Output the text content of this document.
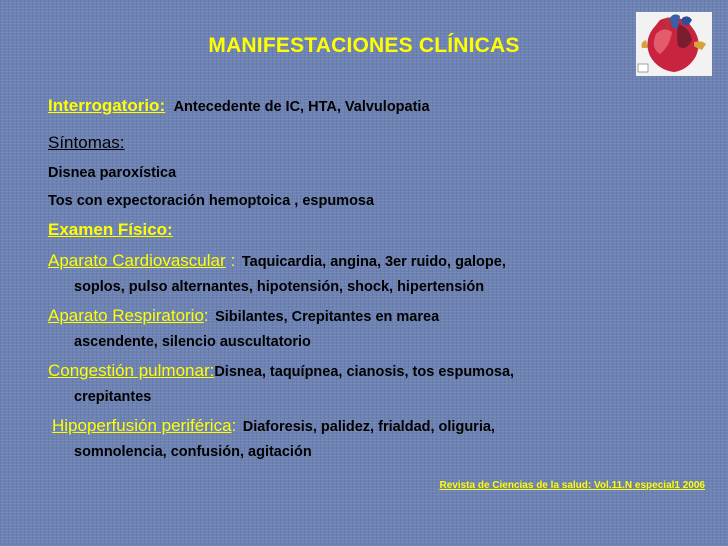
MANIFESTACIONES CLÍNICAS
Interrogatorio: Antecedente de IC, HTA, Valvulopatia
Síntomas:
Disnea paroxística
Tos con expectoración hemoptoica , espumosa
Examen Físico:
Aparato Cardiovascular : Taquicardia, angina, 3er ruido, galope,
soplos, pulso alternantes, hipotensión, shock, hipertensión
Aparato Respiratorio: Sibilantes, Crepitantes en marea
ascendente, silencio auscultatorio
Congestión pulmonar:Disnea, taquípnea, cianosis, tos espumosa,
crepitantes
Hipoperfusión periférica: Diaforesis, palidez, frialdad, oliguria,
somnolencia, confusión, agitación
Revista de Ciencias de la salud: Vol.11.N especial1 2006
